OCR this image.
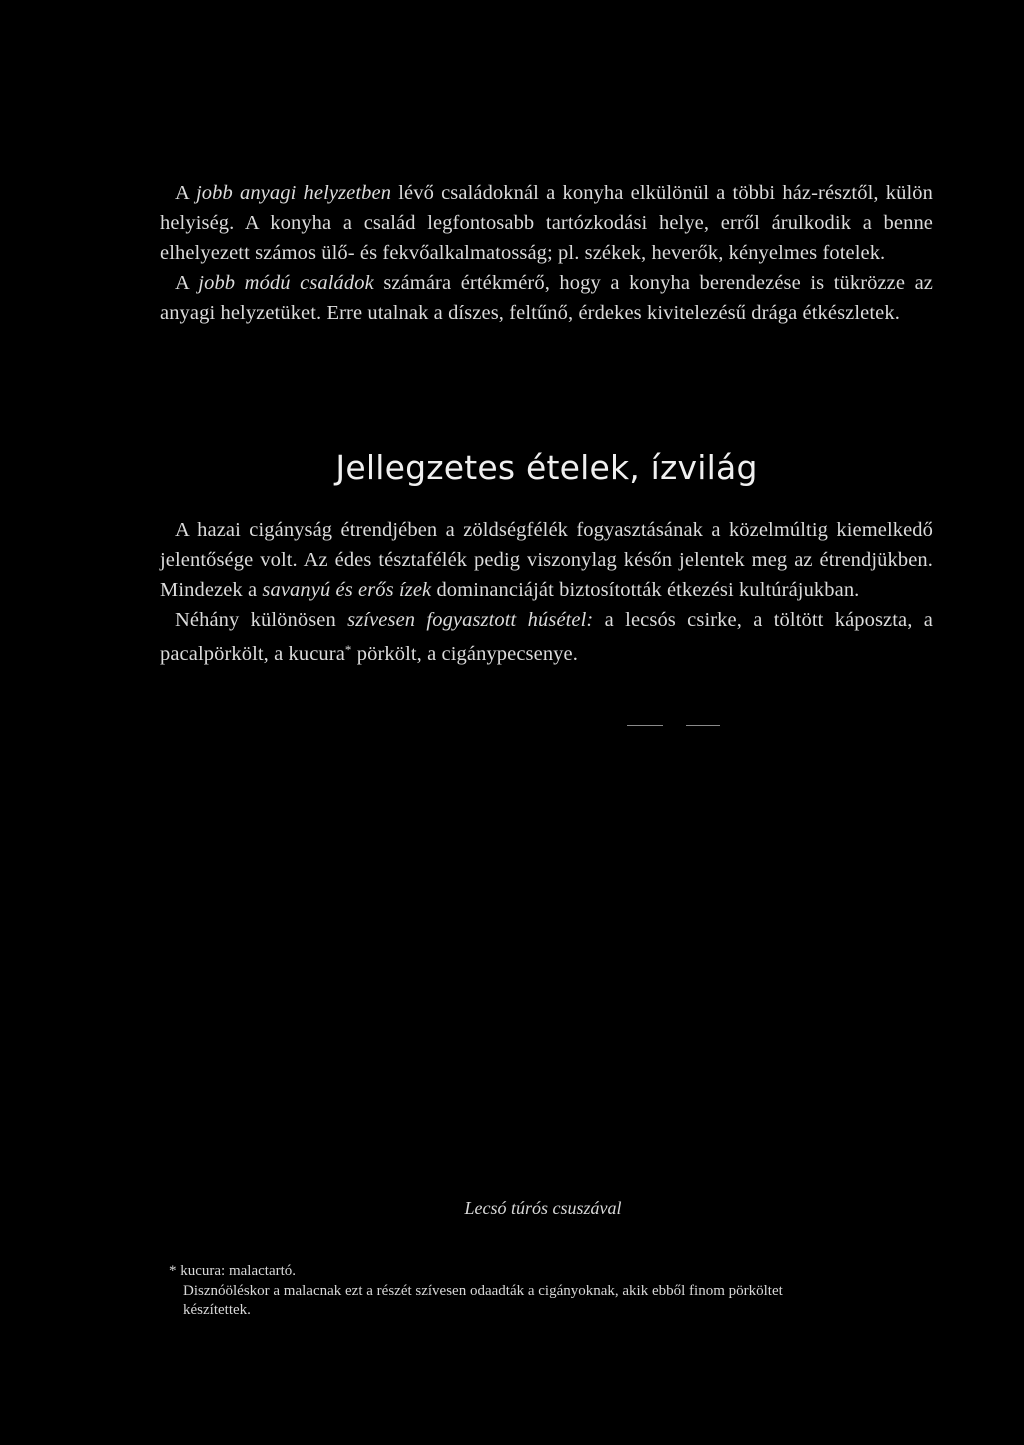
A jobb anyagi helyzetben lévő családoknál a konyha elkülönül a többi ház-résztől, külön helyiség. A konyha a család legfontosabb tartózkodási helye, erről árulkodik a benne elhelyezett számos ülő- és fekvőalkalmatosság; pl. székek, heverők, kényelmes fotelek.

A jobb módú családok számára értékmérő, hogy a konyha berendezése is tükrözze az anyagi helyzetüket. Erre utalnak a díszes, feltűnő, érdekes kivitelezésű drága étkészletek.

Jellegzetes ételek, ízvilág

A hazai cigányság étrendjében a zöldségfélék fogyasztásának a közelmúltig kiemelkedő jelentősége volt. Az édes tésztafélék pedig viszonylag későn jelentek meg az étrendjükben. Mindezek a savanyú és erős ízek dominanciáját biztosították étkezési kultúrájukban.

Néhány különösen szívesen fogyasztott húsétel: a lecsós csirke, a töltött káposzta, a pacalpörkölt, a kucura* pörkölt, a cigánypecsenye.

Lecsó túrós csuszával
* kucura: malactartó.
Disznóöléskor a malacnak ezt a részét szívesen odaadták a cigányoknak, akik ebből finom pörköltet
készítettek.
